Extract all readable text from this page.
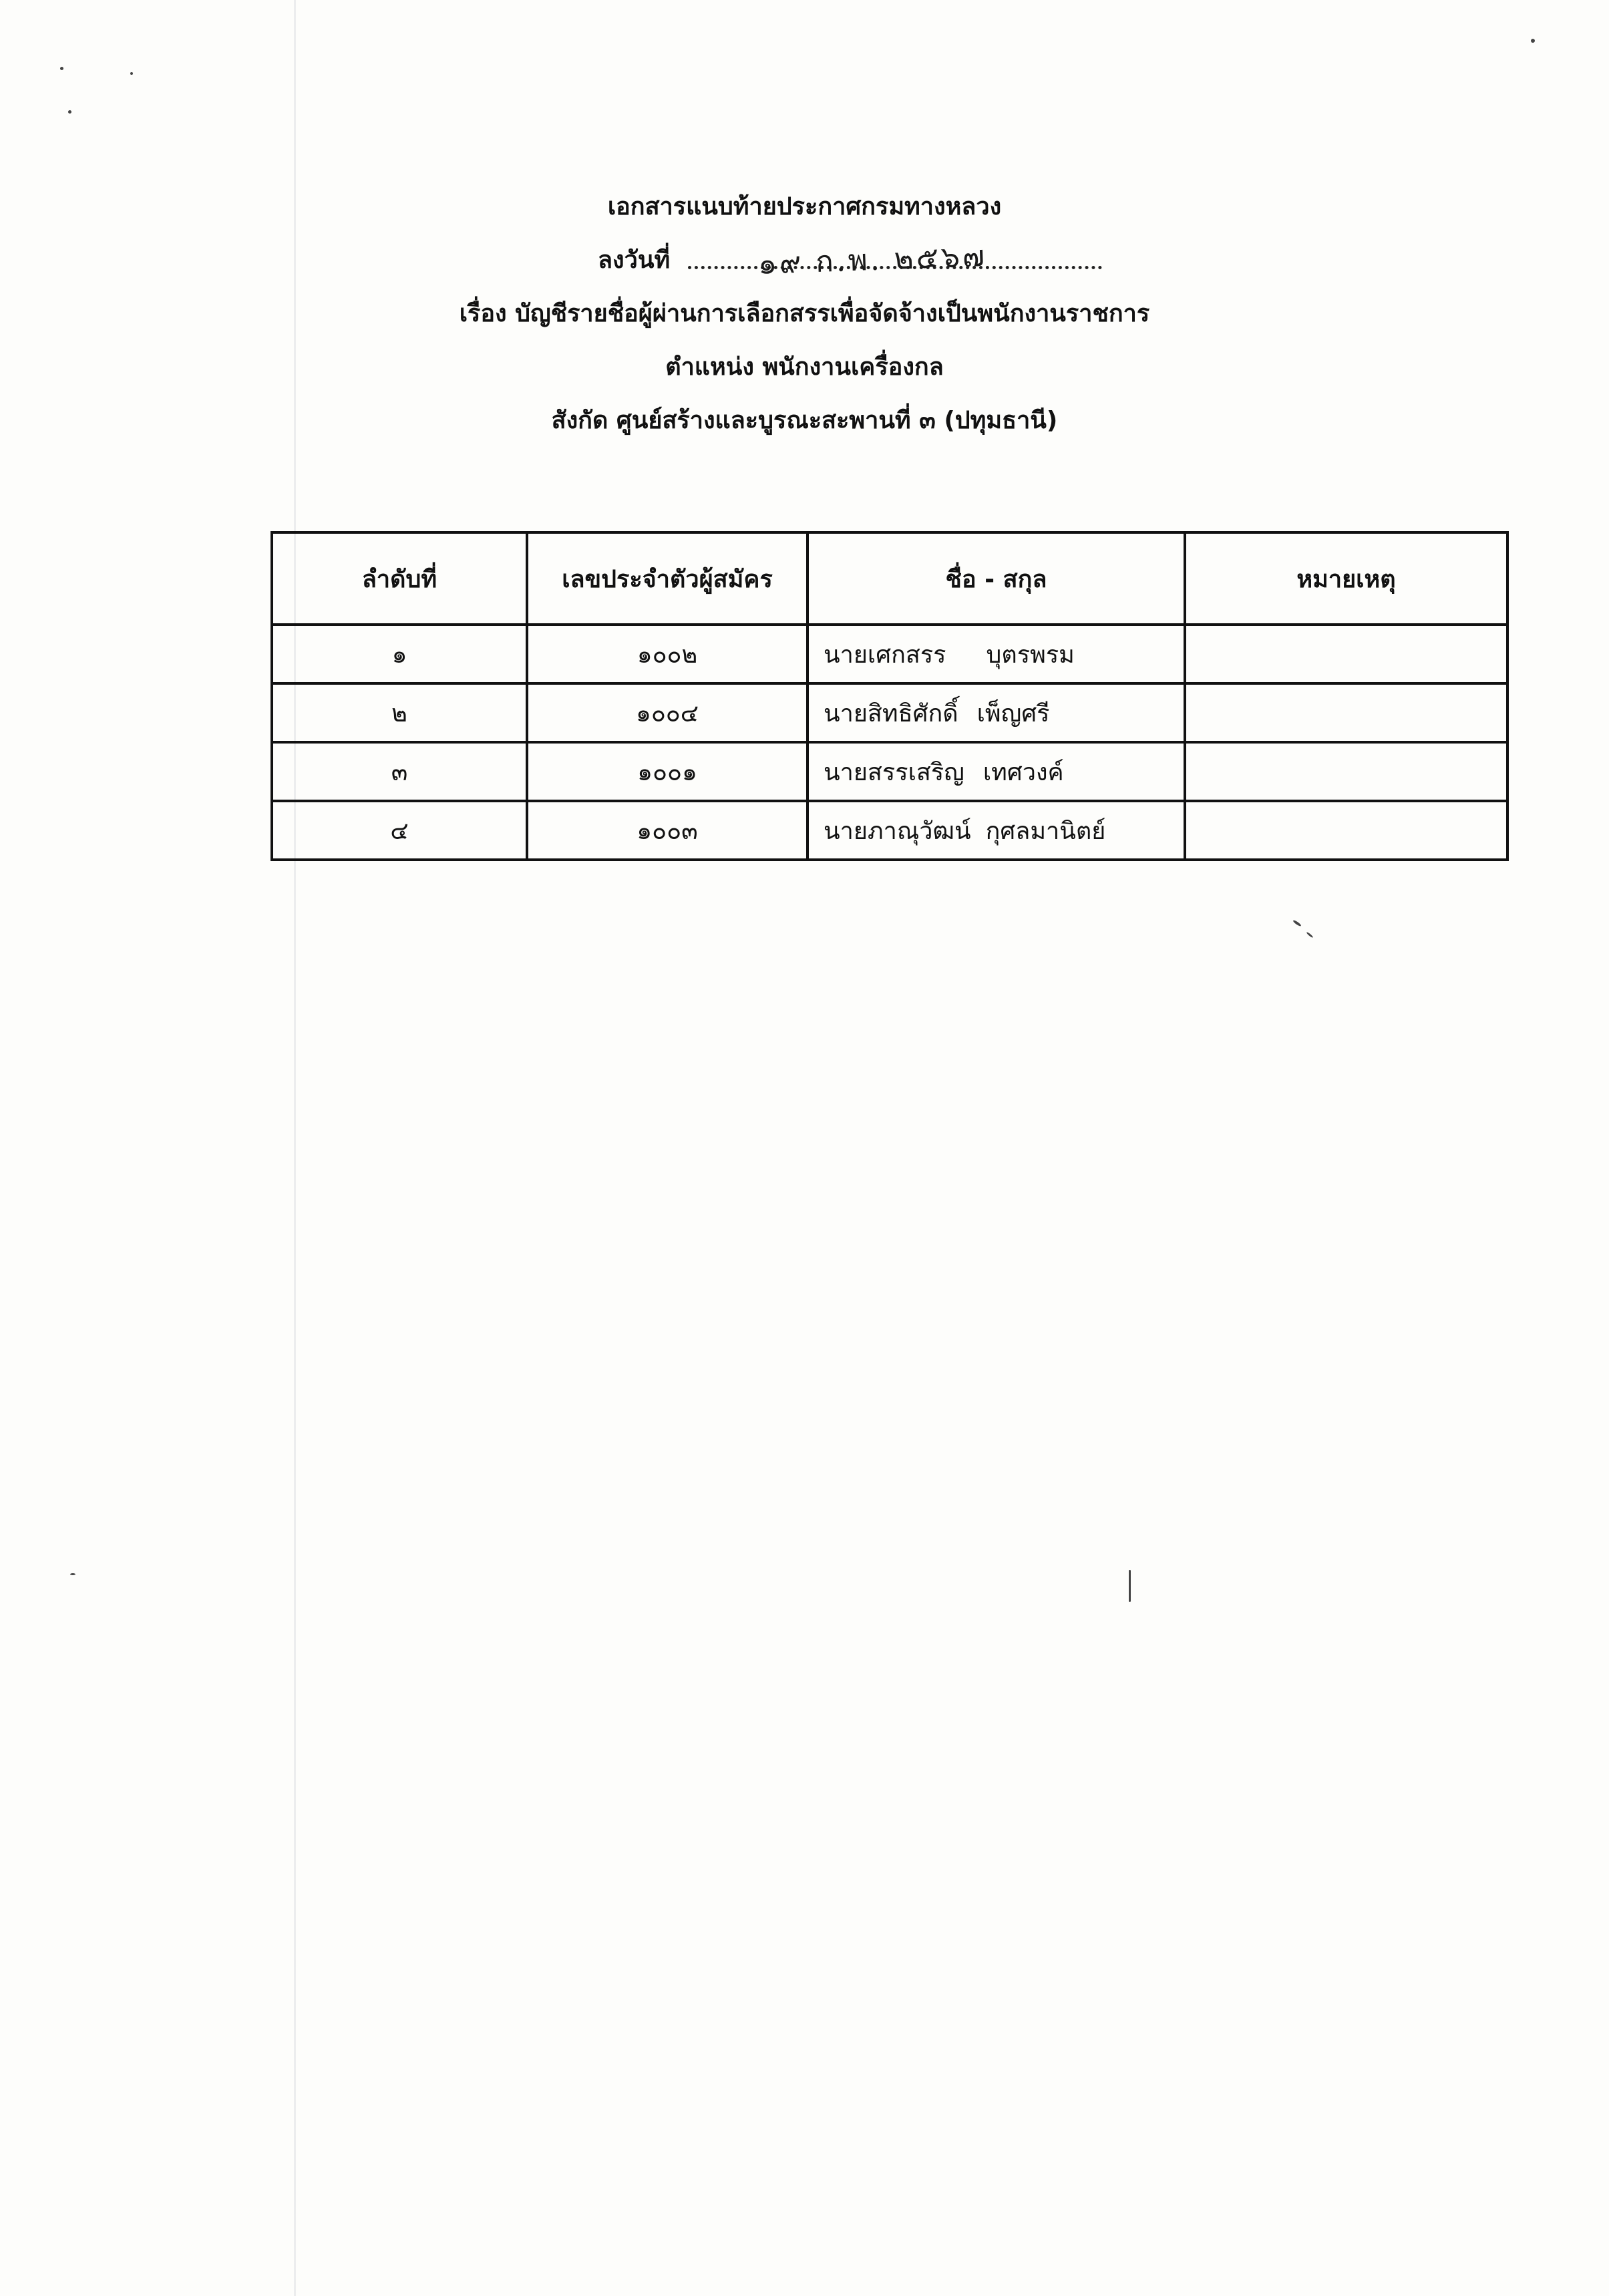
เอกสารแนบท้ายประกาศกรมทางหลวง
ลงวันที่	๑๙ ก.พ. ๒๕๖๗
เรื่อง บัญชีรายชื่อผู้ผ่านการเลือกสรรเพื่อจัดจ้างเป็นพนักงานราชการ
ตำแหน่ง พนักงานเครื่องกล
สังกัด ศูนย์สร้างและบูรณะสะพานที่ ๓ (ปทุมธานี)
ลำดับที่	เลขประจำตัวผู้สมัคร	ชื่อ - สกุล	หมายเหตุ
๑	๑๐๐๒	นายเศกสรร บุตรพรม	
๒	๑๐๐๔	นายสิทธิศักดิ์ เพ็ญศรี	
๓	๑๐๐๑	นายสรรเสริญ เทศวงค์	
๔	๑๐๐๓	นายภาณุวัฒน์ กุศลมานิตย์	
